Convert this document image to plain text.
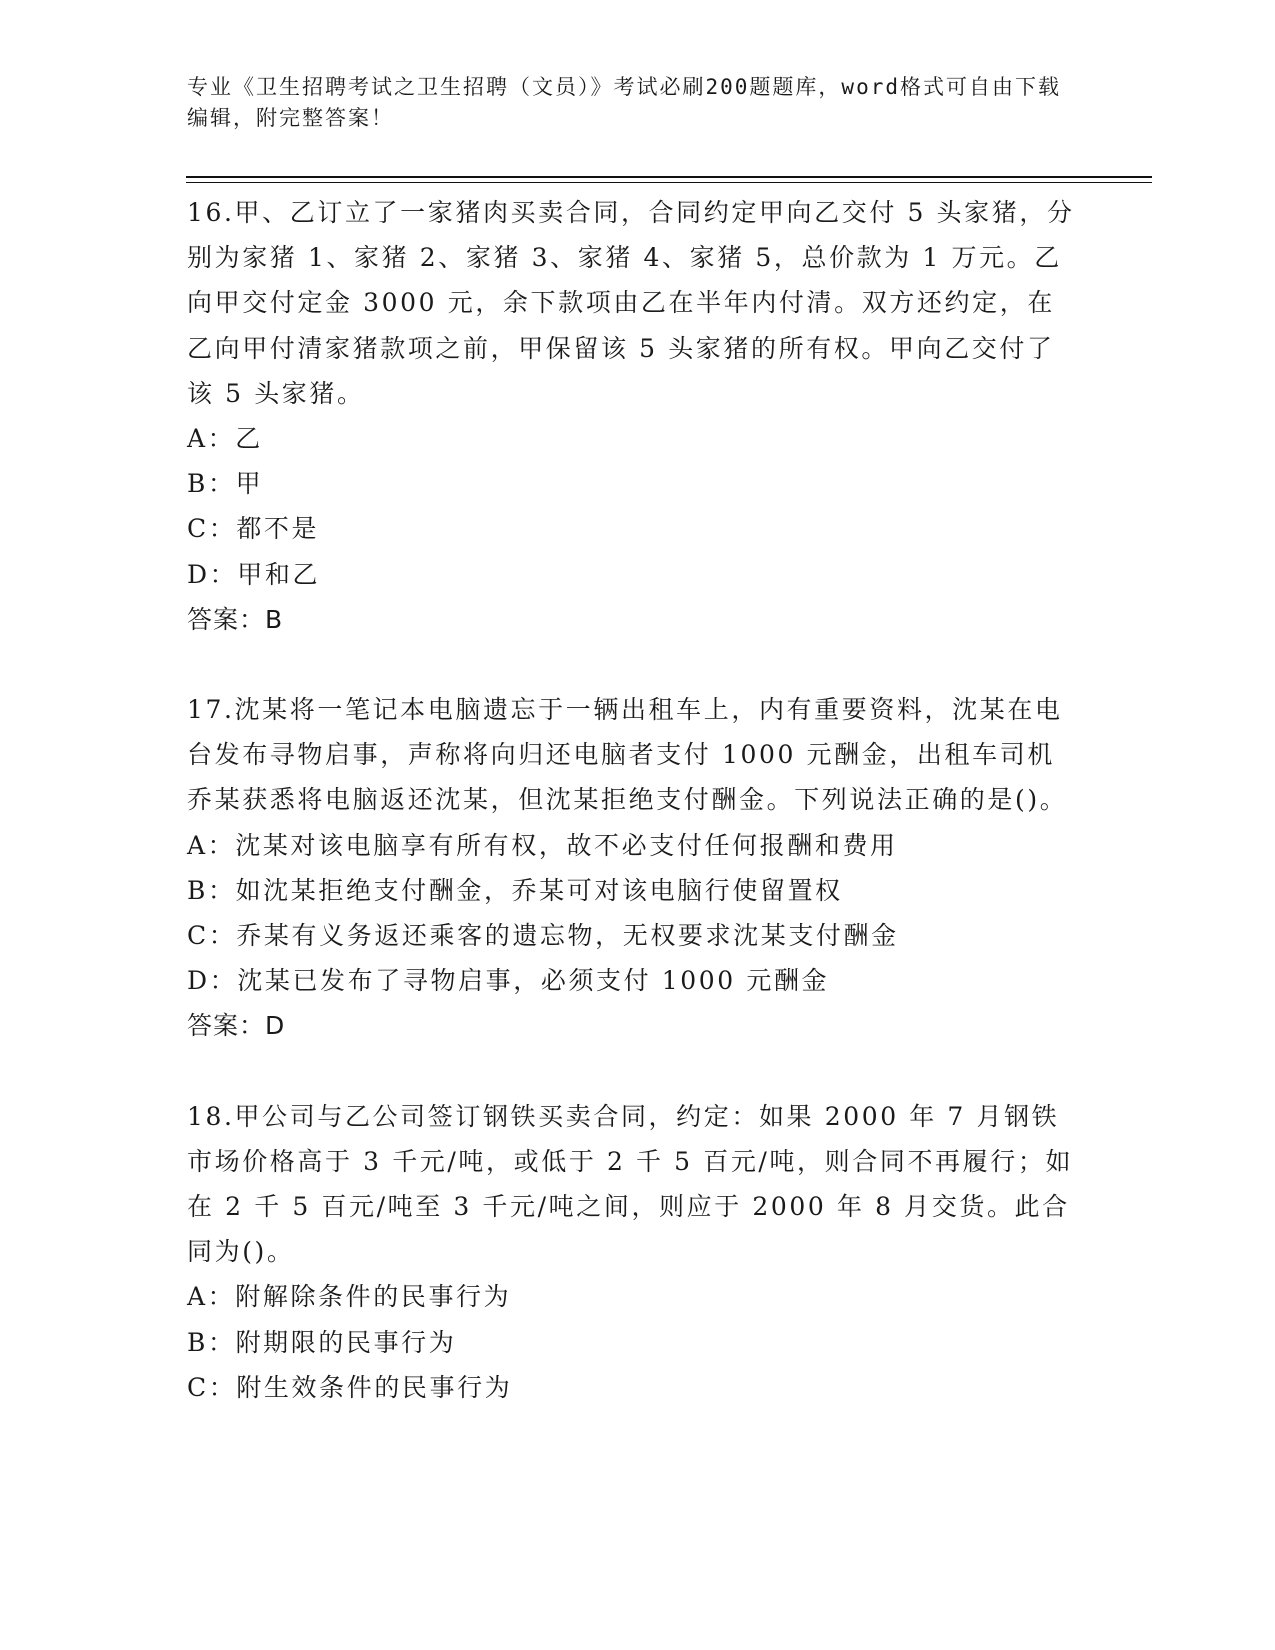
专业《卫生招聘考试之卫生招聘（文员）》考试必刷200题题库，word格式可自由下载编辑，附完整答案！

16.甲、乙订立了一家猪肉买卖合同，合同约定甲向乙交付 5 头家猪，分别为家猪 1、家猪 2、家猪 3、家猪 4、家猪 5，总价款为 1 万元。乙向甲交付定金 3000 元，余下款项由乙在半年内付清。双方还约定，在乙向甲付清家猪款项之前，甲保留该 5 头家猪的所有权。甲向乙交付了该 5 头家猪。

A：乙

B：甲

C：都不是

D：甲和乙

答案：B

17.沈某将一笔记本电脑遗忘于一辆出租车上，内有重要资料，沈某在电台发布寻物启事，声称将向归还电脑者支付 1000 元酬金，出租车司机乔某获悉将电脑返还沈某，但沈某拒绝支付酬金。下列说法正确的是()。

A：沈某对该电脑享有所有权，故不必支付任何报酬和费用

B：如沈某拒绝支付酬金，乔某可对该电脑行使留置权

C：乔某有义务返还乘客的遗忘物，无权要求沈某支付酬金

D：沈某已发布了寻物启事，必须支付 1000 元酬金

答案：D

18.甲公司与乙公司签订钢铁买卖合同，约定：如果 2000 年 7 月钢铁市场价格高于 3 千元/吨，或低于 2 千 5 百元/吨，则合同不再履行；如在 2 千 5 百元/吨至 3 千元/吨之间，则应于 2000 年 8 月交货。此合同为()。

A：附解除条件的民事行为

B：附期限的民事行为

C：附生效条件的民事行为
